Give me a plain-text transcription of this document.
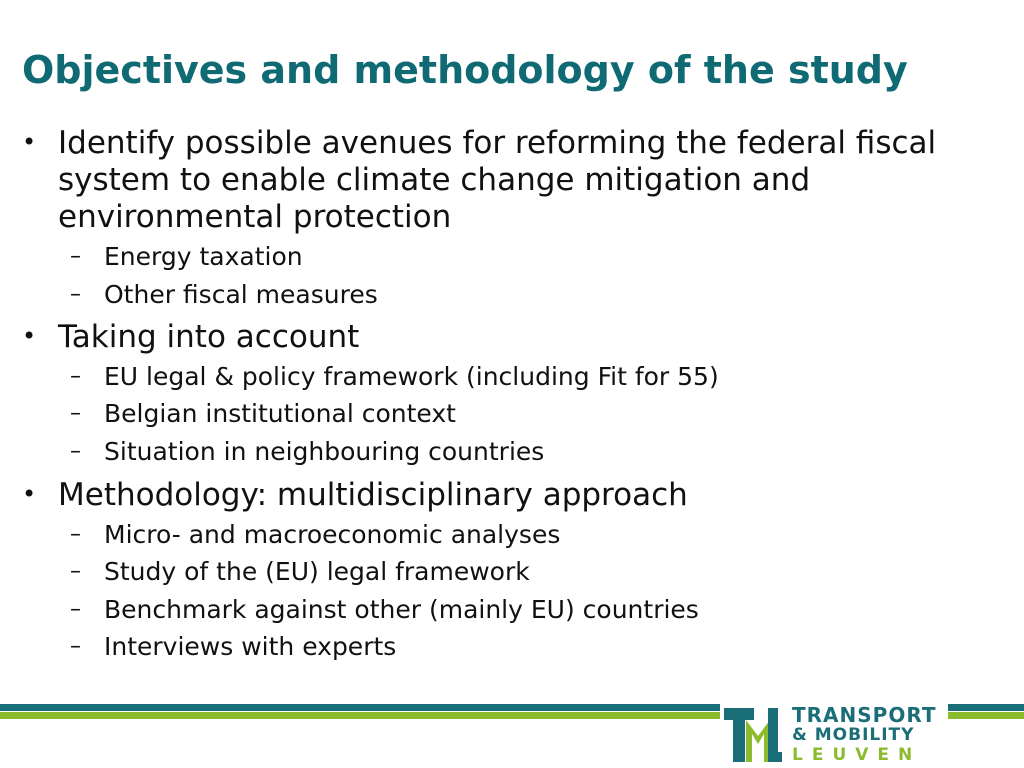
Objectives and methodology of the study
• Identify possible avenues for reforming the federal fiscal system to enable climate change mitigation and environmental protection
– Energy taxation
– Other fiscal measures
• Taking into account
– EU legal & policy framework (including Fit for 55)
– Belgian institutional context
– Situation in neighbouring countries
• Methodology: multidisciplinary approach
– Micro- and macroeconomic analyses
– Study of the (EU) legal framework
– Benchmark against other (mainly EU) countries
– Interviews with experts
TRANSPORT
& MOBILITY
LEUVEN
